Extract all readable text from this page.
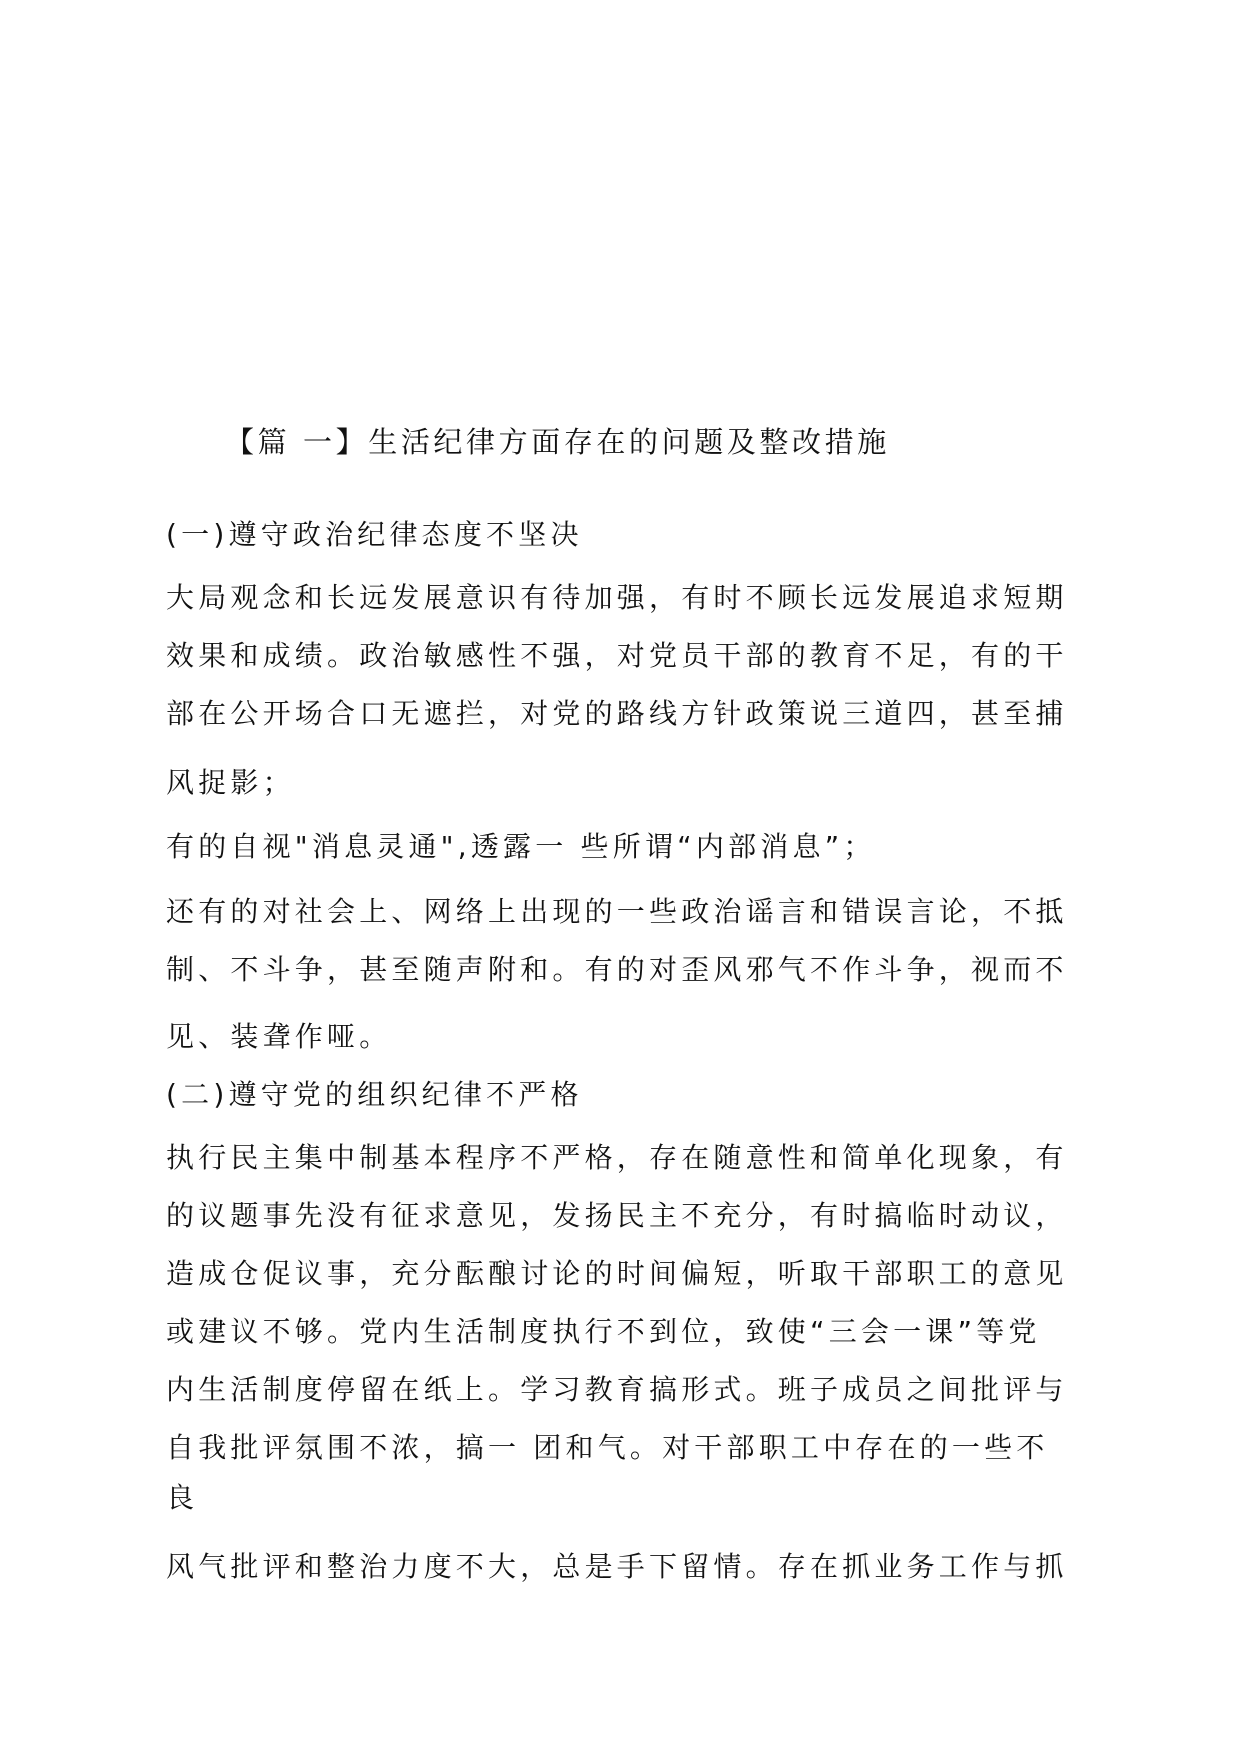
【篇 一】生活纪律方面存在的问题及整改措施
(一)遵守政治纪律态度不坚决
大局观念和长远发展意识有待加强，有时不顾长远发展追求短期
效果和成绩。政治敏感性不强，对党员干部的教育不足，有的干
部在公开场合口无遮拦，对党的路线方针政策说三道四，甚至捕
风捉影；
有的自视"消息灵通",透露一 些所谓“内部消息”；
还有的对社会上、网络上出现的一些政治谣言和错误言论，不抵
制、不斗争，甚至随声附和。有的对歪风邪气不作斗争，视而不
见、装聋作哑。
(二)遵守党的组织纪律不严格
执行民主集中制基本程序不严格，存在随意性和简单化现象，有
的议题事先没有征求意见，发扬民主不充分，有时搞临时动议，
造成仓促议事，充分酝酿讨论的时间偏短，听取干部职工的意见
或建议不够。党内生活制度执行不到位，致使“三会一课”等党
内生活制度停留在纸上。学习教育搞形式。班子成员之间批评与
自我批评氛围不浓，搞一 团和气。对干部职工中存在的一些不
良
风气批评和整治力度不大，总是手下留情。存在抓业务工作与抓
